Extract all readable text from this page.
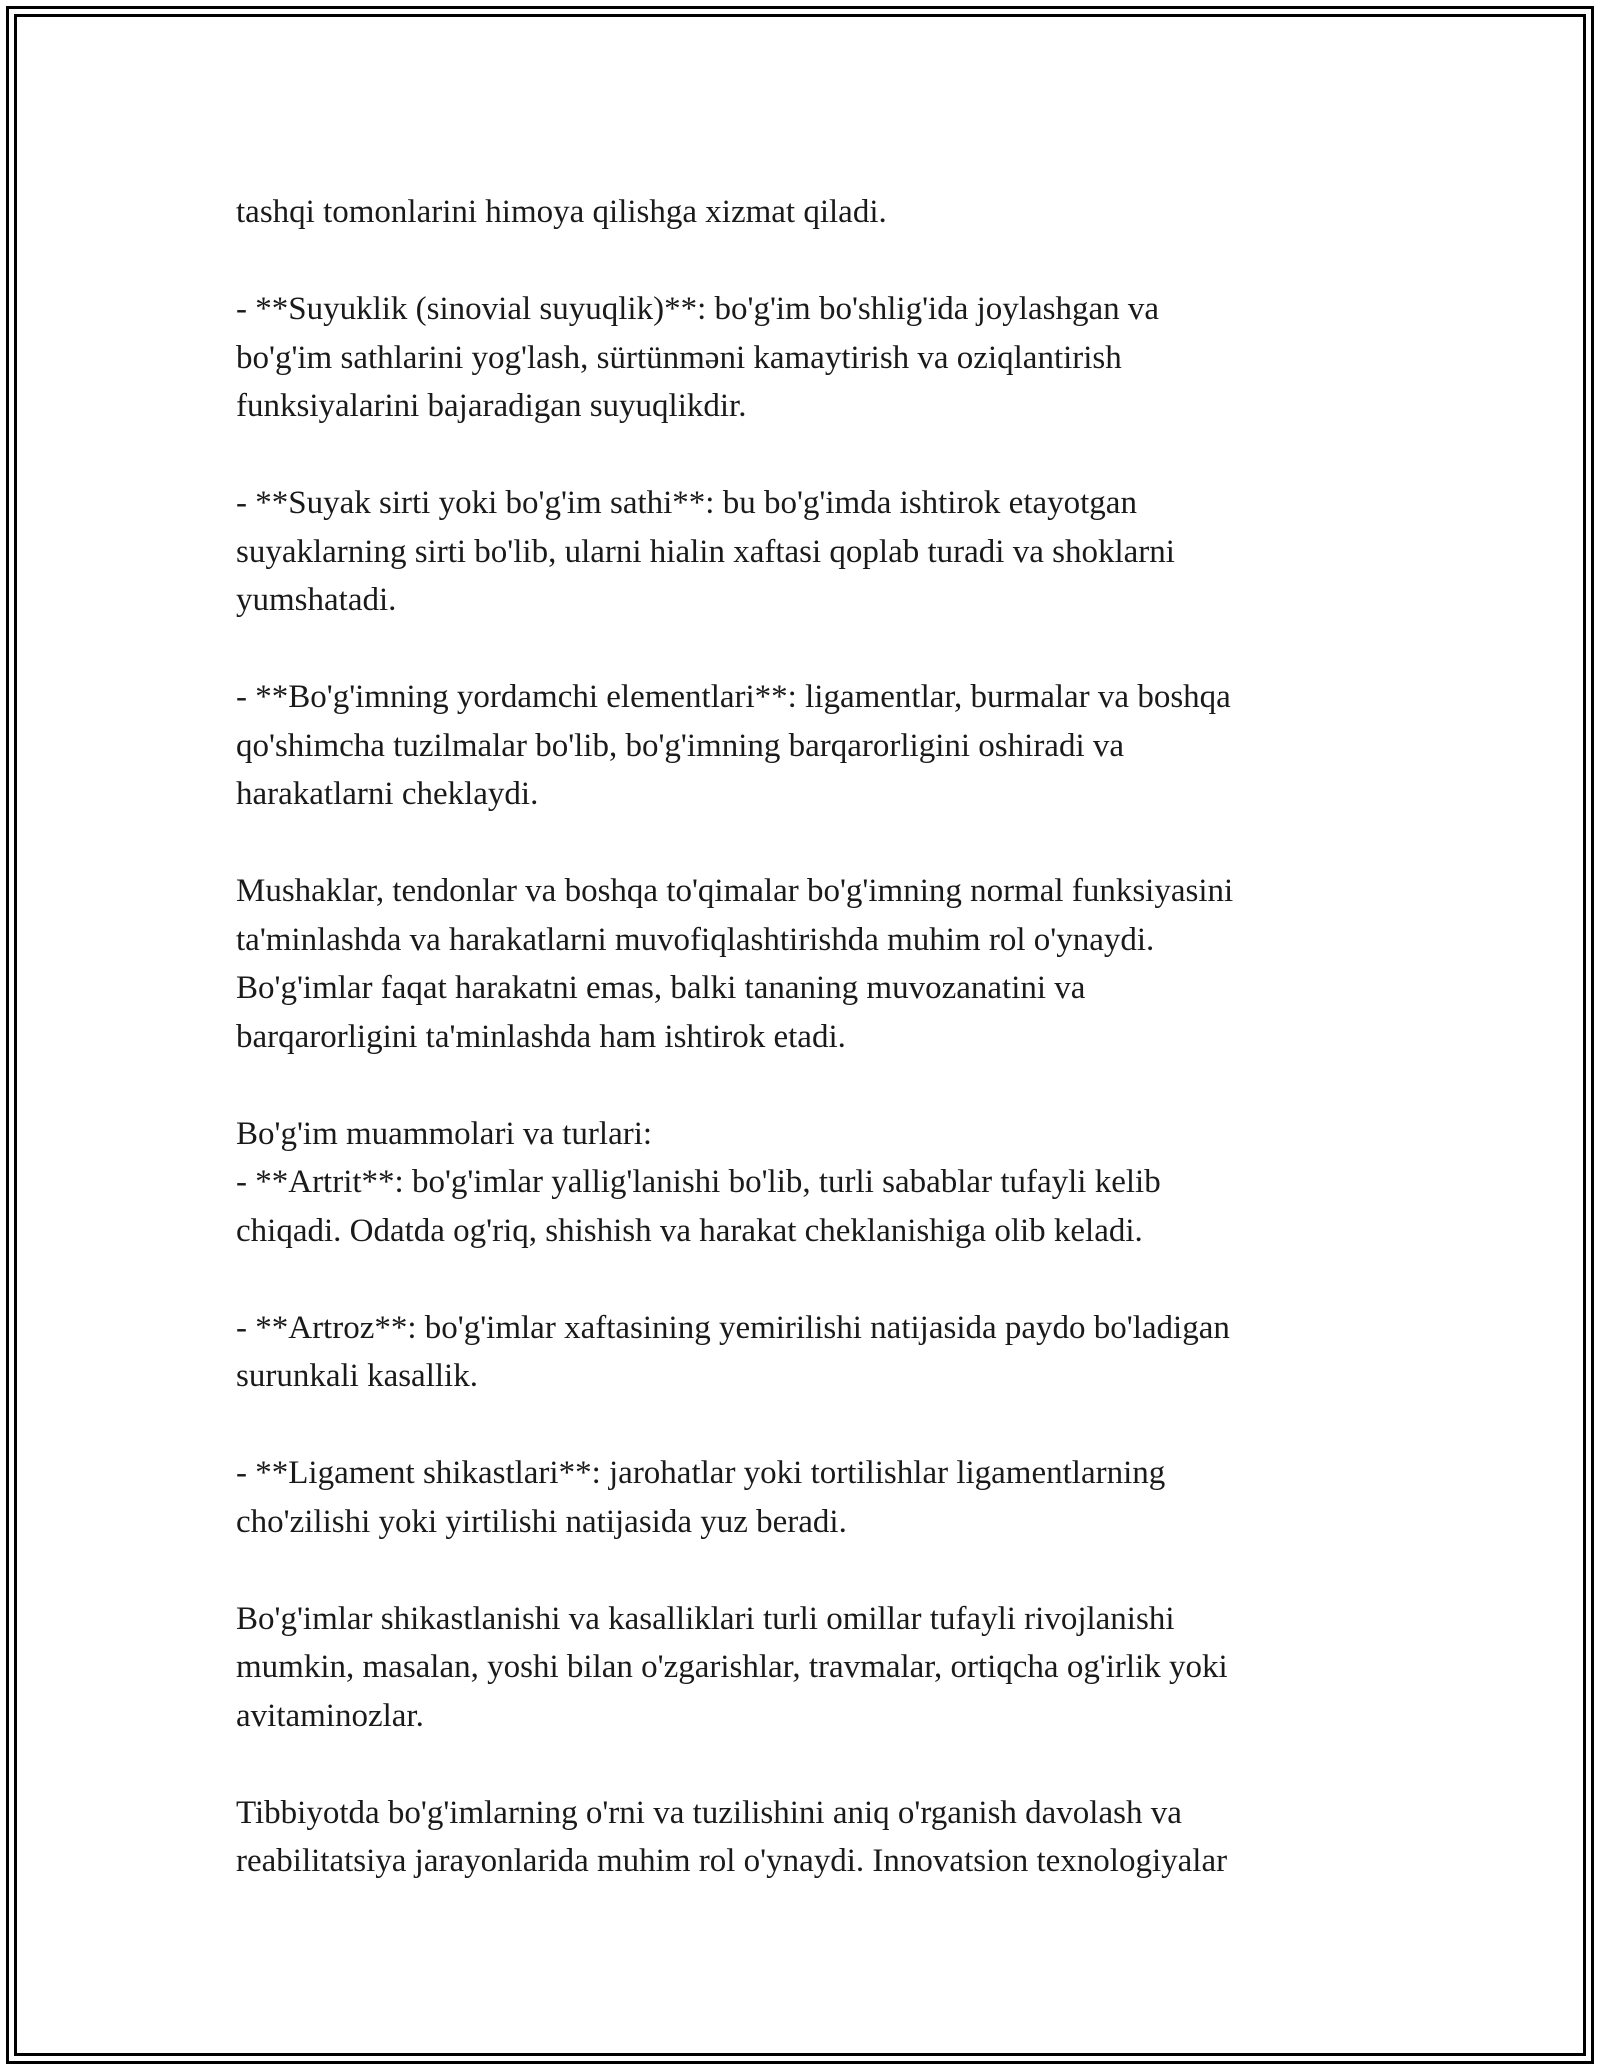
tashqi tomonlarini himoya qilishga xizmat qiladi.

- **Suyuklik (sinovial suyuqlik)**: bo'g'im bo'shlig'ida joylashgan va
bo'g'im sathlarini yog'lash, sürtünməni kamaytirish va oziqlantirish
funksiyalarini bajaradigan suyuqlikdir.

- **Suyak sirti yoki bo'g'im sathi**: bu bo'g'imda ishtirok etayotgan
suyaklarning sirti bo'lib, ularni hialin xaftasi qoplab turadi va shoklarni
yumshatadi.

- **Bo'g'imning yordamchi elementlari**: ligamentlar, burmalar va boshqa
qo'shimcha tuzilmalar bo'lib, bo'g'imning barqarorligini oshiradi va
harakatlarni cheklaydi.

Mushaklar, tendonlar va boshqa to'qimalar bo'g'imning normal funksiyasini
ta'minlashda va harakatlarni muvofiqlashtirishda muhim rol o'ynaydi.
Bo'g'imlar faqat harakatni emas, balki tananing muvozanatini va
barqarorligini ta'minlashda ham ishtirok etadi.

Bo'g'im muammolari va turlari:

- **Artrit**: bo'g'imlar yallig'lanishi bo'lib, turli sabablar tufayli kelib
chiqadi. Odatda og'riq, shishish va harakat cheklanishiga olib keladi.

- **Artroz**: bo'g'imlar xaftasining yemirilishi natijasida paydo bo'ladigan
surunkali kasallik.

- **Ligament shikastlari**: jarohatlar yoki tortilishlar ligamentlarning
cho'zilishi yoki yirtilishi natijasida yuz beradi.

Bo'g'imlar shikastlanishi va kasalliklari turli omillar tufayli rivojlanishi
mumkin, masalan, yoshi bilan o'zgarishlar, travmalar, ortiqcha og'irlik yoki
avitaminozlar.

Tibbiyotda bo'g'imlarning o'rni va tuzilishini aniq o'rganish davolash va
reabilitatsiya jarayonlarida muhim rol o'ynaydi. Innovatsion texnologiyalar
